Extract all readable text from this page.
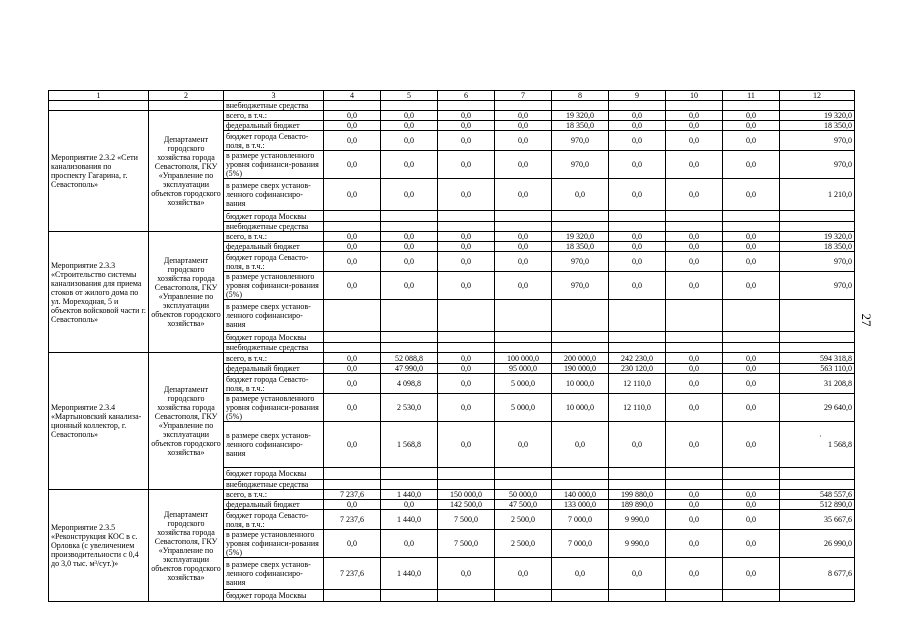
1	2	3	4	5	6	7	8	9	10	11	12
		внебюджетные средства									
Мероприятие 2.3.2 «Сети канализования по проспекту Гагарина, г. Севастополь»	Департамент городского хозяйства города Севастополя, ГКУ «Управление по эксплуатации объектов городского хозяйства»	всего, в т.ч.:	0,0	0,0	0,0	0,0	19 320,0	0,0	0,0	0,0	19 320,0
		федеральный бюджет	0,0	0,0	0,0	0,0	18 350,0	0,0	0,0	0,0	18 350,0
		бюджет города Севасто-поля, в т.ч.:	0,0	0,0	0,0	0,0	970,0	0,0	0,0	0,0	970,0
		в размере установленного уровня софинанси-рования (5%)	0,0	0,0	0,0	0,0	970,0	0,0	0,0	0,0	970,0
		в размере сверх установ-ленного софинансиро-вания	0,0	0,0	0,0	0,0	0,0	0,0	0,0	0,0	1 210,0
		бюджет города Москвы									
		внебюджетные средства									
Мероприятие 2.3.3 «Строительство системы канализования для приема стоков от жилого дома по ул. Мореходная, 5 и объектов войсковой части г. Севастополь»	Департамент городского хозяйства города Севастополя, ГКУ «Управление по эксплуатации объектов городского хозяйства»	всего, в т.ч.:	0,0	0,0	0,0	0,0	19 320,0	0,0	0,0	0,0	19 320,0
		федеральный бюджет	0,0	0,0	0,0	0,0	18 350,0	0,0	0,0	0,0	18 350,0
		бюджет города Севасто-поля, в т.ч.:	0,0	0,0	0,0	0,0	970,0	0,0	0,0	0,0	970,0
		в размере установленного уровня софинанси-рования (5%)	0,0	0,0	0,0	0,0	970,0	0,0	0,0	0,0	970,0
		в размере сверх установ-ленного софинансиро-вания									
		бюджет города Москвы									
		внебюджетные средства									
Мероприятие 2.3.4 «Мартыновский канализа-ционный коллектор, г. Севастополь»	Департамент городского хозяйства города Севастополя, ГКУ «Управление по эксплуатации объектов городского хозяйства»	всего, в т.ч.:	0,0	52 088,8	0,0	100 000,0	200 000,0	242 230,0	0,0	0,0	594 318,8
		федеральный бюджет	0,0	47 990,0	0,0	95 000,0	190 000,0	230 120,0	0,0	0,0	563 110,0
		бюджет города Севасто-поля, в т.ч.:	0,0	4 098,8	0,0	5 000,0	10 000,0	12 110,0	0,0	0,0	31 208,8
		в размере установленного уровня софинанси-рования (5%)	0,0	2 530,0	0,0	5 000,0	10 000,0	12 110,0	0,0	0,0	29 640,0
		в размере сверх установ-ленного софинансиро-вания	0,0	1 568,8	0,0	0,0	0,0	0,0	0,0	0,0	1 568,8
		бюджет города Москвы									
		внебюджетные средства									
Мероприятие 2.3.5 «Реконструкция КОС в с. Орловка (с увеличением производительности с 0,4 до 3,0 тыс. м³/сут.)»	Департамент городского хозяйства города Севастополя, ГКУ «Управление по эксплуатации объектов городского хозяйства»	всего, в т.ч.:	7 237,6	1 440,0	150 000,0	50 000,0	140 000,0	199 880,0	0,0	0,0	548 557,6
		федеральный бюджет	0,0	0,0	142 500,0	47 500,0	133 000,0	189 890,0	0,0	0,0	512 890,0
		бюджет города Севасто-поля, в т.ч.:	7 237,6	1 440,0	7 500,0	2 500,0	7 000,0	9 990,0	0,0	0,0	35 667,6
		в размере установленного уровня софинанси-рования (5%)	0,0	0,0	7 500,0	2 500,0	7 000,0	9 990,0	0,0	0,0	26 990,0
		в размере сверх установ-ленного софинансиро-вания	7 237,6	1 440,0	0,0	0,0	0,0	0,0	0,0	0,0	8 677,6
		бюджет города Москвы									
27
·
